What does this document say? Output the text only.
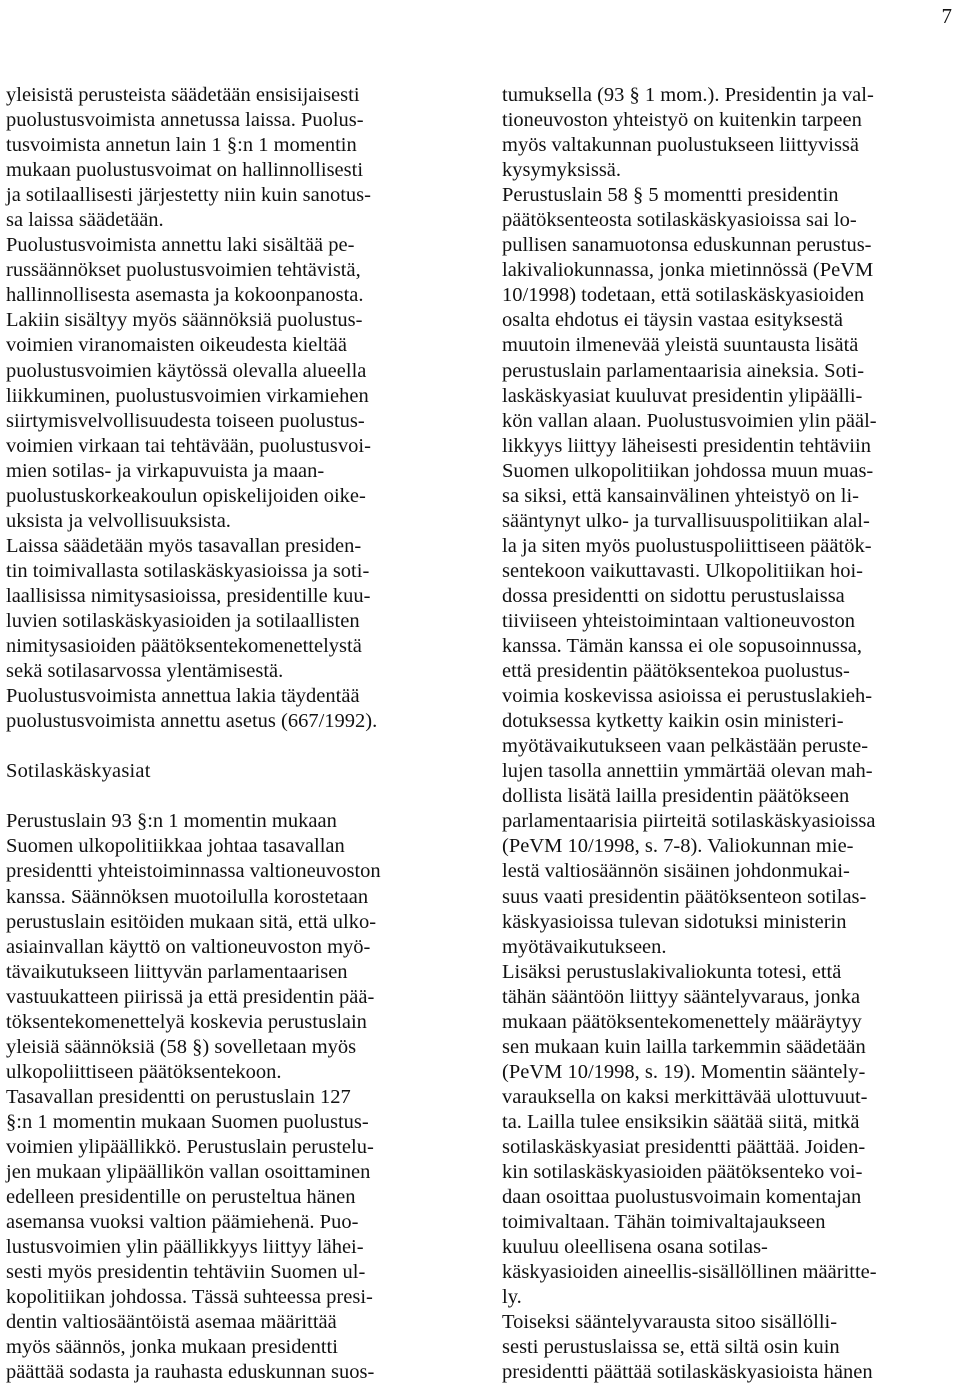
7
yleisistä perusteista säädetään ensisijaisesti
puolustusvoimista annetussa laissa. Puolus-
tusvoimista annetun lain 1 §:n 1 momentin
mukaan puolustusvoimat on hallinnollisesti
ja sotilaallisesti järjestetty niin kuin sanotus-
sa laissa säädetään.
Puolustusvoimista annettu laki sisältää pe-
russäännökset puolustusvoimien tehtävistä,
hallinnollisesta asemasta ja kokoonpanosta.
Lakiin sisältyy myös säännöksiä puolustus-
voimien viranomaisten oikeudesta kieltää
puolustusvoimien käytössä olevalla alueella
liikkuminen, puolustusvoimien virkamiehen
siirtymisvelvollisuudesta toiseen puolustus-
voimien virkaan tai tehtävään, puolustusvoi-
mien sotilas- ja virkapuvuista ja maan-
puolustuskorkeakoulun opiskelijoiden oike-
uksista ja velvollisuuksista.
Laissa säädetään myös tasavallan presiden-
tin toimivallasta sotilaskäskyasioissa ja soti-
laallisissa nimitysasioissa, presidentille kuu-
luvien sotilaskäskyasioiden ja sotilaallisten
nimitysasioiden päätöksentekomenettelystä
sekä sotilasarvossa ylentämisestä.
Puolustusvoimista annettua lakia täydentää
puolustusvoimista annettu asetus (667/1992).
Sotilaskäskyasiat
Perustuslain 93 §:n 1 momentin mukaan
Suomen ulkopolitiikkaa johtaa tasavallan
presidentti yhteistoiminnassa valtioneuvoston
kanssa. Säännöksen muotoilulla korostetaan
perustuslain esitöiden mukaan sitä, että ulko-
asiainvallan käyttö on valtioneuvoston myö-
tävaikutukseen liittyvän parlamentaarisen
vastuukatteen piirissä ja että presidentin pää-
töksentekomenettelyä koskevia perustuslain
yleisiä säännöksiä (58 §) sovelletaan myös
ulkopoliittiseen päätöksentekoon.
Tasavallan presidentti on perustuslain 127
§:n 1 momentin mukaan Suomen puolustus-
voimien ylipäällikkö. Perustuslain perustelu-
jen mukaan ylipäällikön vallan osoittaminen
edelleen presidentille on perusteltua hänen
asemansa vuoksi valtion päämiehenä. Puo-
lustusvoimien ylin päällikkyys liittyy lähei-
sesti myös presidentin tehtäviin Suomen ul-
kopolitiikan johdossa. Tässä suhteessa presi-
dentin valtiosääntöistä asemaa määrittää
myös säännös, jonka mukaan presidentti
päättää sodasta ja rauhasta eduskunnan suos-
tumuksella (93 § 1 mom.). Presidentin ja val-
tioneuvoston yhteistyö on kuitenkin tarpeen
myös valtakunnan puolustukseen liittyvissä
kysymyksissä.
Perustuslain 58 § 5 momentti presidentin
päätöksenteosta sotilaskäskyasioissa sai lo-
pullisen sanamuotonsa eduskunnan perustus-
lakivaliokunnassa, jonka mietinnössä (PeVM
10/1998) todetaan, että sotilaskäskyasioiden
osalta ehdotus ei täysin vastaa esityksestä
muutoin ilmenevää yleistä suuntausta lisätä
perustuslain parlamentaarisia aineksia. Soti-
laskäskyasiat kuuluvat presidentin ylipäälli-
kön vallan alaan. Puolustusvoimien ylin pääl-
likkyys liittyy läheisesti presidentin tehtäviin
Suomen ulkopolitiikan johdossa muun muas-
sa siksi, että kansainvälinen yhteistyö on li-
sääntynyt ulko- ja turvallisuuspolitiikan alal-
la ja siten myös puolustuspoliittiseen päätök-
sentekoon vaikuttavasti. Ulkopolitiikan hoi-
dossa presidentti on sidottu perustuslaissa
tiiviiseen yhteistoimintaan valtioneuvoston
kanssa. Tämän kanssa ei ole sopusoinnussa,
että presidentin päätöksentekoa puolustus-
voimia koskevissa asioissa ei perustuslakieh-
dotuksessa kytketty kaikin osin ministeri-
myötävaikutukseen vaan pelkästään peruste-
lujen tasolla annettiin ymmärtää olevan mah-
dollista lisätä lailla presidentin päätökseen
parlamentaarisia piirteitä sotilaskäskyasioissa
(PeVM 10/1998, s. 7-8). Valiokunnan mie-
lestä valtiosäännön sisäinen johdonmukai-
suus vaati presidentin päätöksenteon sotilas-
käskyasioissa tulevan sidotuksi ministerin
myötävaikutukseen.
Lisäksi perustuslakivaliokunta totesi, että
tähän sääntöön liittyy sääntelyvaraus, jonka
mukaan päätöksentekomenettely määräytyy
sen mukaan kuin lailla tarkemmin säädetään
(PeVM 10/1998, s. 19). Momentin sääntely-
varauksella on kaksi merkittävää ulottuvuut-
ta. Lailla tulee ensiksikin säätää siitä, mitkä
sotilaskäskyasiat presidentti päättää. Joiden-
kin sotilaskäskyasioiden päätöksenteko voi-
daan osoittaa puolustusvoimain komentajan
toimivaltaan. Tähän toimivaltajaukseen
kuuluu oleellisena osana sotilas-
käskyasioiden aineellis-sisällöllinen määritte-
ly.
Toiseksi sääntelyvarausta sitoo sisällölli-
sesti perustuslaissa se, että siltä osin kuin
presidentti päättää sotilaskäskyasioista hänen
